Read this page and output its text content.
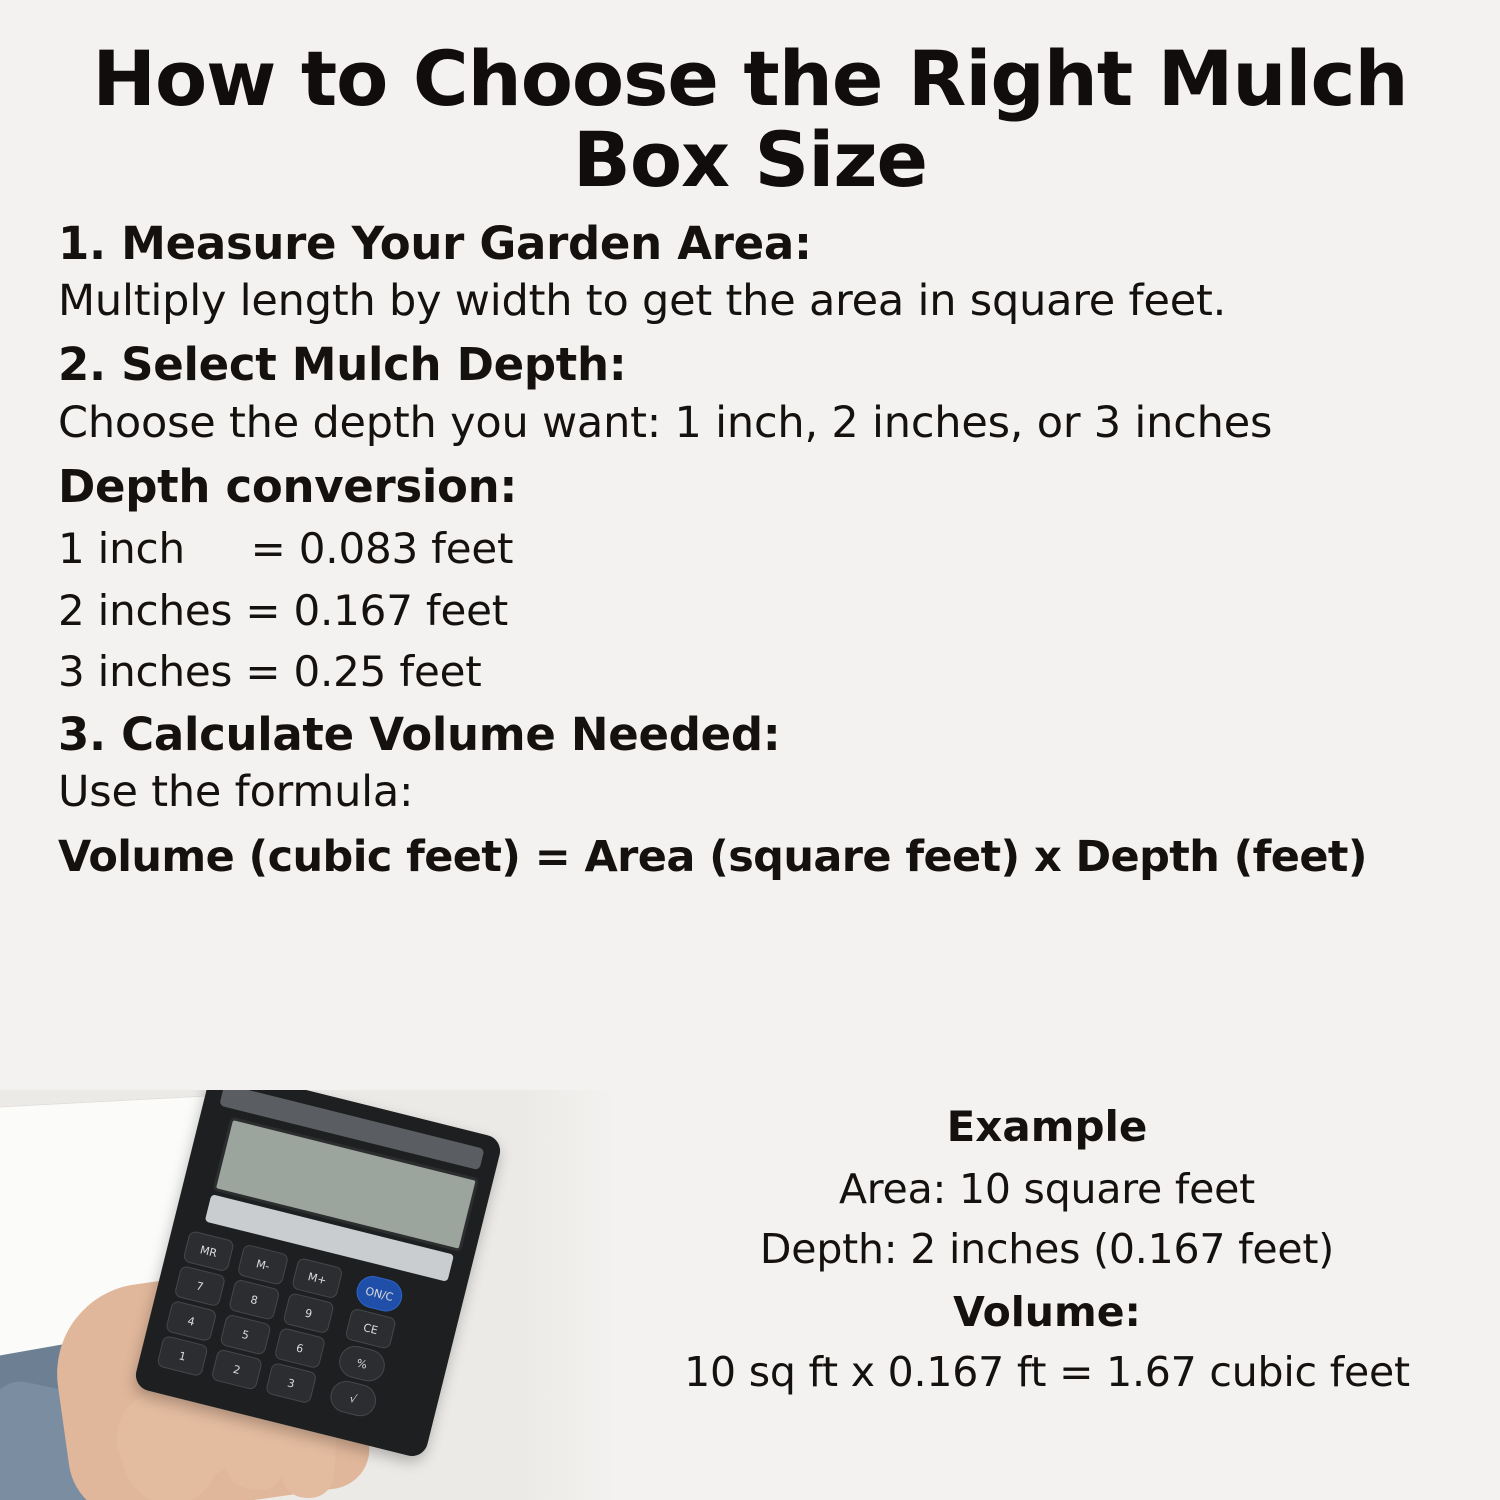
How to Choose the Right Mulch Box Size
1. Measure Your Garden Area:
Multiply length by width to get the area in square feet.
2. Select Mulch Depth:
Choose the depth you want: 1 inch, 2 inches, or 3 inches
Depth conversion:
1 inch     = 0.083 feet
2 inches = 0.167 feet
3 inches = 0.25 feet
3. Calculate Volume Needed:
Use the formula:
Volume (cubic feet) = Area (square feet) x Depth (feet)
MR
M-
M+
ON/C
7
8
9
CE
4
5
6
%
1
2
3
√
Example
Area: 10 square feet
Depth: 2 inches (0.167 feet)
Volume:
10 sq ft x 0.167 ft = 1.67 cubic feet
